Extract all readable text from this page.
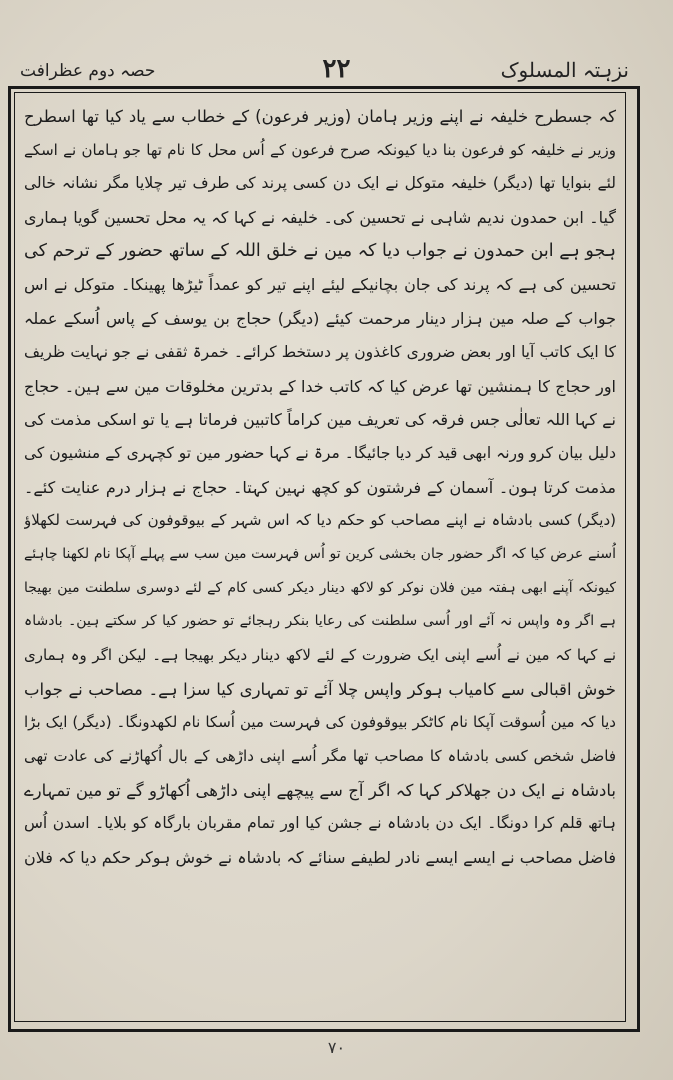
نزہتہ المسلوک
۲۲
حصہ دوم عظرافت
کہ جسطرح خلیفہ نے اپنے وزیر ہامان (وزیر فرعون) کے خطاب سے یاد کیا تھا اسطرح
وزیر نے خلیفہ کو فرعون بنا دیا کیونکہ صرح فرعون کے اُس محل کا نام تھا جو ہامان نے اسکے
لئے بنوایا تھا (دیگر) خلیفہ متوکل نے ایک دن کسی پرند کی طرف تیر چلایا مگر نشانہ خالی
گیا۔ ابن حمدون ندیم شاہی نے تحسین کی۔ خلیفہ نے کہا کہ یہ محل تحسین گویا ہماری
ہجو ہے ابن حمدون نے جواب دیا کہ مین نے خلق اللہ کے ساتھ حضور کے ترحم کی
تحسین کی ہے کہ پرند کی جان بچانیکے لیئے اپنے تیر کو عمداً ٹیڑھا پھینکا۔ متوکل نے اس
جواب کے صلہ مین ہزار دینار مرحمت کیئے (دیگر) حجاج بن یوسف کے پاس اُسکے عملہ
کا ایک کاتب آیا اور بعض ضروری کاغذون پر دستخط کرائے۔ خمرۃ ثقفی نے جو نہایت ظریف
اور حجاج کا ہمنشین تھا عرض کیا کہ کاتب خدا کے بدترین مخلوقات مین سے ہین۔ حجاج
نے کہا اللہ تعالٰی جس فرقہ کی تعریف مین کراماً کاتبین فرماتا ہے یا تو اسکی مذمت کی
دلیل بیان کرو ورنہ ابھی قید کر دیا جائیگا۔ مرۃ نے کہا حضور مین تو کچہری کے منشیون کی
مذمت کرتا ہون۔ آسمان کے فرشتون کو کچھ نہین کہتا۔ حجاج نے ہزار درم عنایت کئے۔
(دیگر) کسی بادشاہ نے اپنے مصاحب کو حکم دیا کہ اس شہر کے بیوقوفون کی فہرست لکھلاؤ
اُسنے عرض کیا کہ اگر حضور جان بخشی کرین تو اُس فہرست مین سب سے پہلے آپکا نام لکھنا چاہئے
کیونکہ آپنے ابھی ہفتہ مین فلان نوکر کو لاکھ دینار دیکر کسی کام کے لئے دوسری سلطنت مین بھیجا
ہے اگر وہ واپس نہ آئے اور اُسی سلطنت کی رعایا بنکر رہجائے تو حضور کیا کر سکتے ہین۔ بادشاہ
نے کہا کہ مین نے اُسے اپنی ایک ضرورت کے لئے لاکھ دینار دیکر بھیجا ہے۔ لیکن اگر وہ ہماری
خوش اقبالی سے کامیاب ہوکر واپس چلا آئے تو تمہاری کیا سزا ہے۔ مصاحب نے جواب
دیا کہ مین اُسوقت آپکا نام کاٹکر بیوقوفون کی فہرست مین اُسکا نام لکھدونگا۔ (دیگر) ایک بڑا
فاضل شخص کسی بادشاہ کا مصاحب تھا مگر اُسے اپنی داڑھی کے بال اُکھاڑنے کی عادت تھی
بادشاہ نے ایک دن جھلاکر کہا کہ اگر آج سے پیچھے اپنی داڑھی اُکھاڑو گے تو مین تمہارے
ہاتھ قلم کرا دونگا۔ ایک دن بادشاہ نے جشن کیا اور تمام مقربان بارگاہ کو بلایا۔ اسدن اُس
فاضل مصاحب نے ایسے ایسے نادر لطیفے سنائے کہ بادشاہ نے خوش ہوکر حکم دیا کہ فلان
۷۰
